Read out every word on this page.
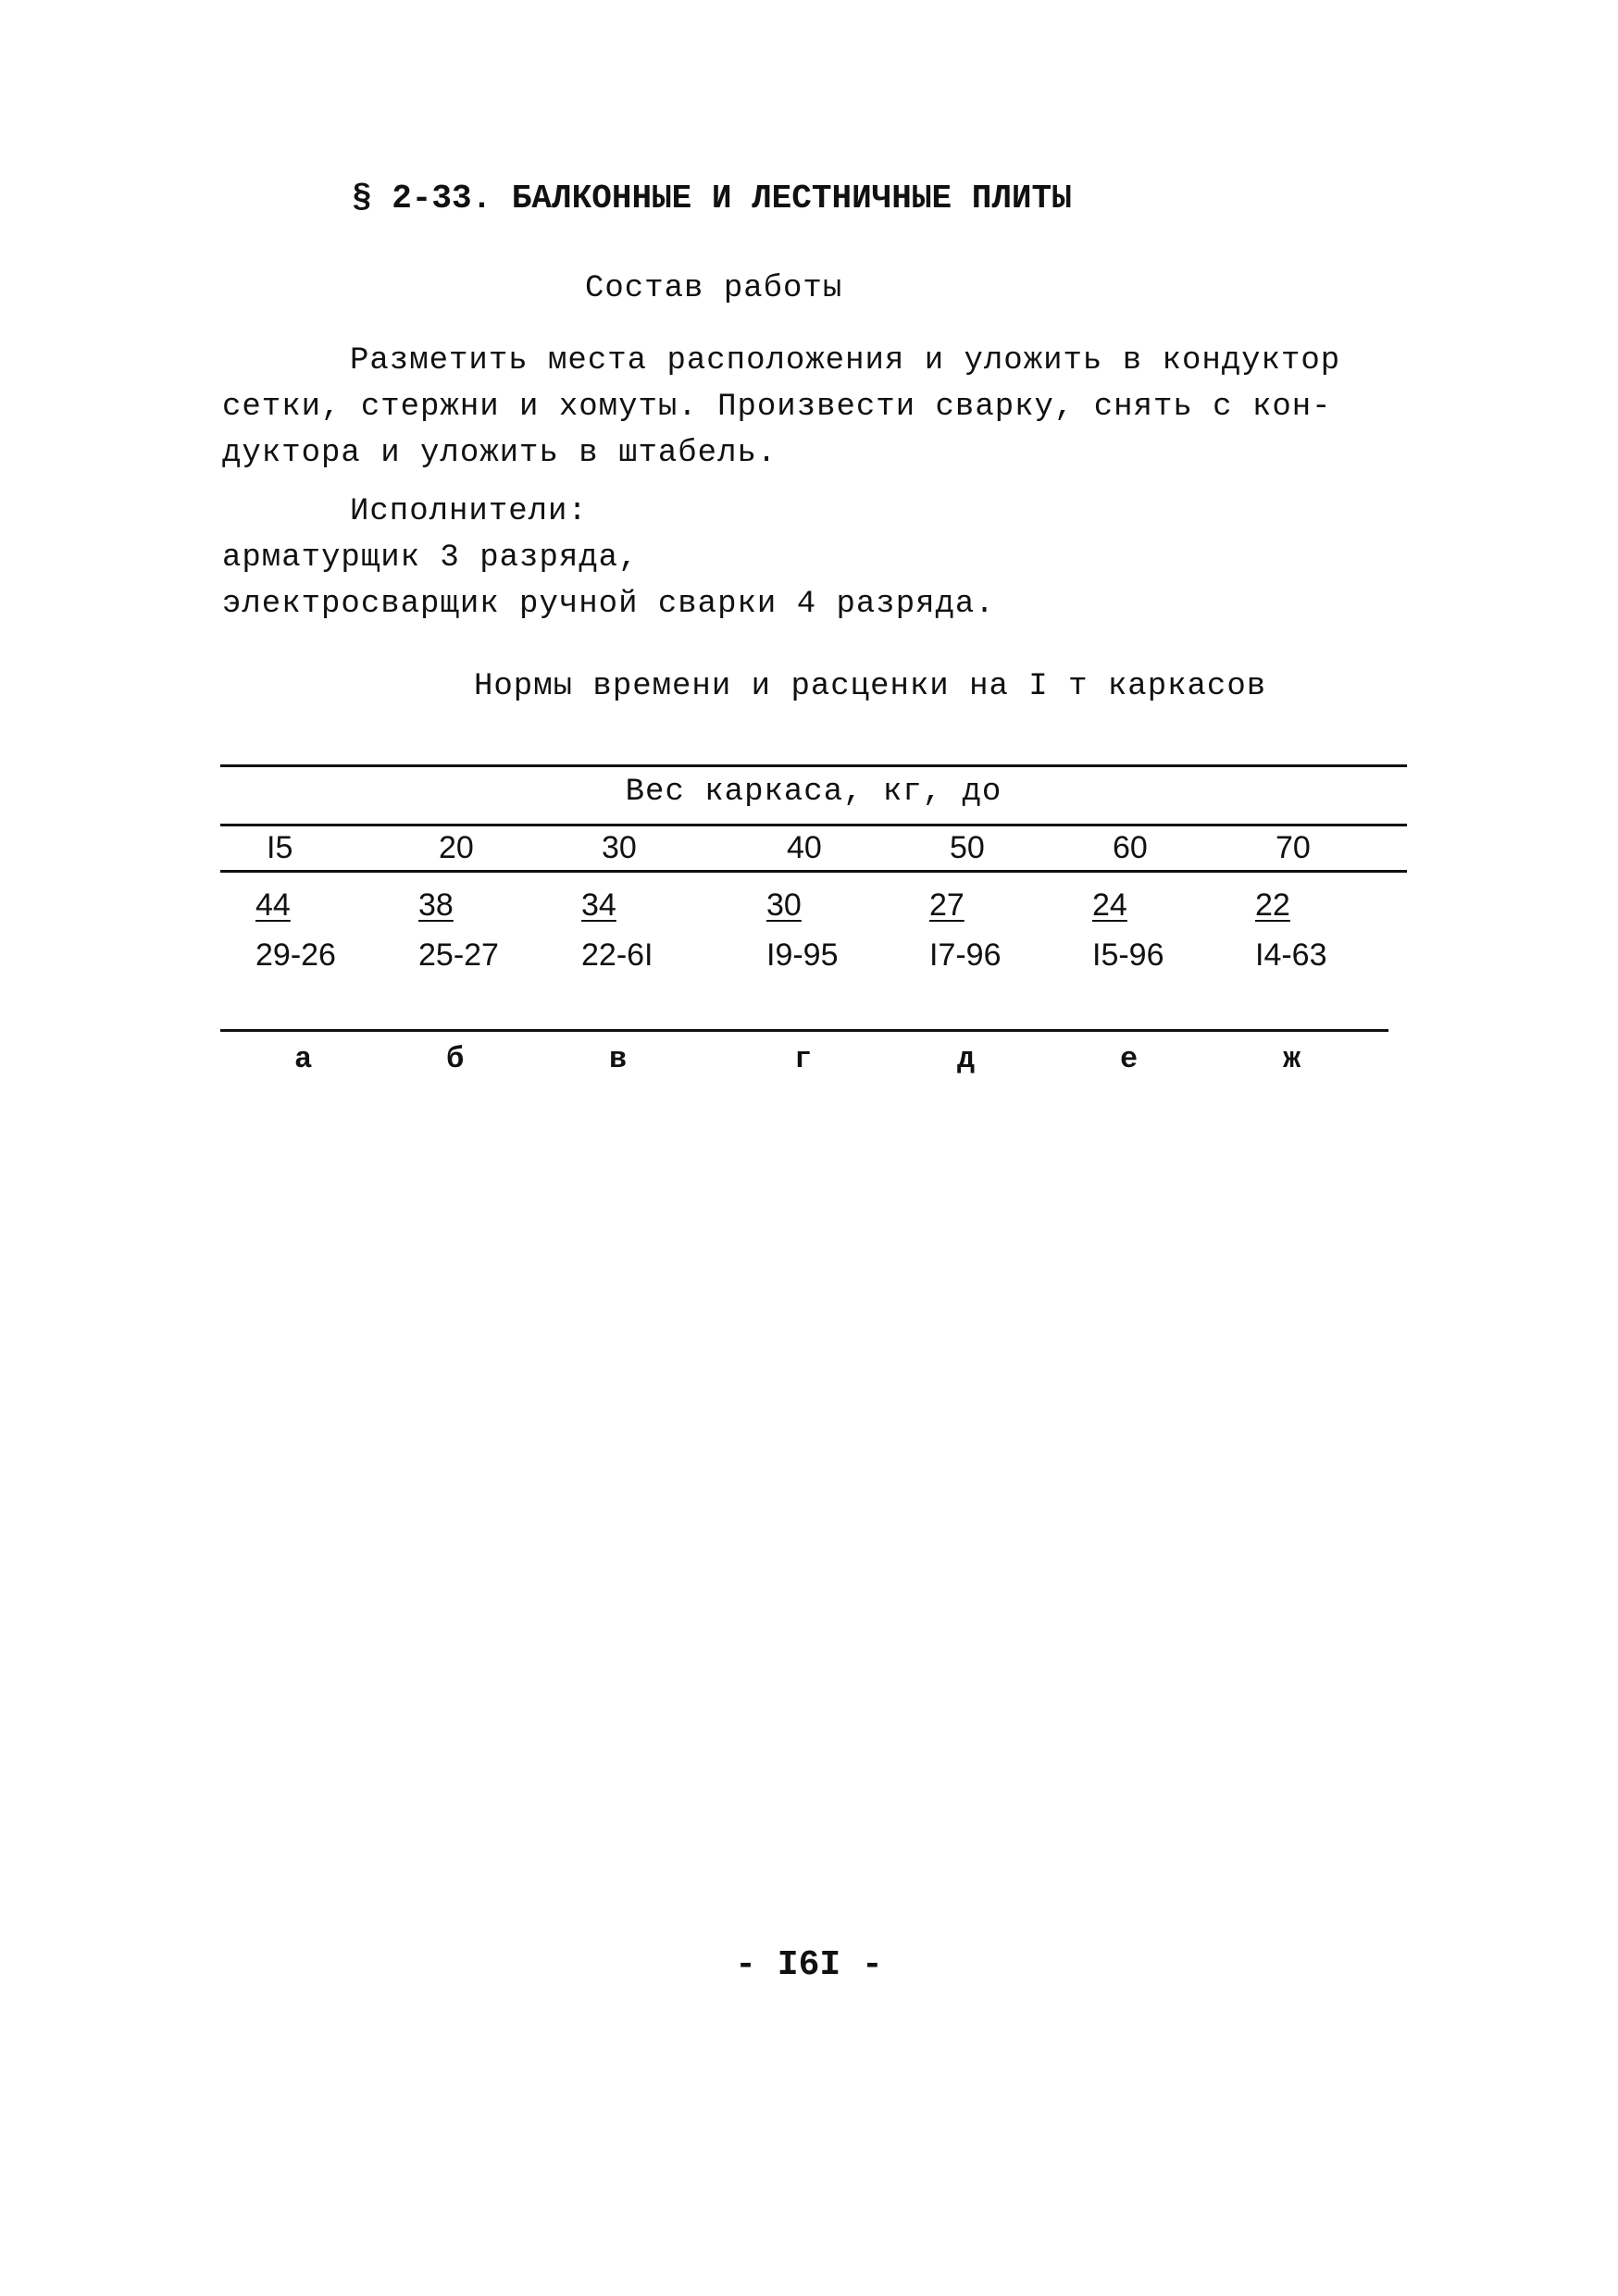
§ 2-33. БАЛКОННЫЕ И ЛЕСТНИЧНЫЕ ПЛИТЫ
Состав работы
Разметить места расположения и уложить в кондуктор
сетки, стержни и хомуты. Произвести сварку, снять с кон-
дуктора и уложить в штабель.
Исполнители:
арматурщик 3 разряда,
электросварщик ручной сварки 4 разряда.
Нормы времени и расценки на I т каркасов
Вес каркаса, кг, до
I5
44
29-26
а
20
38
25-27
б
30
34
22-6I
в
40
30
I9-95
г
50
27
I7-96
д
60
24
I5-96
е
70
22
I4-63
ж
- I6I -
